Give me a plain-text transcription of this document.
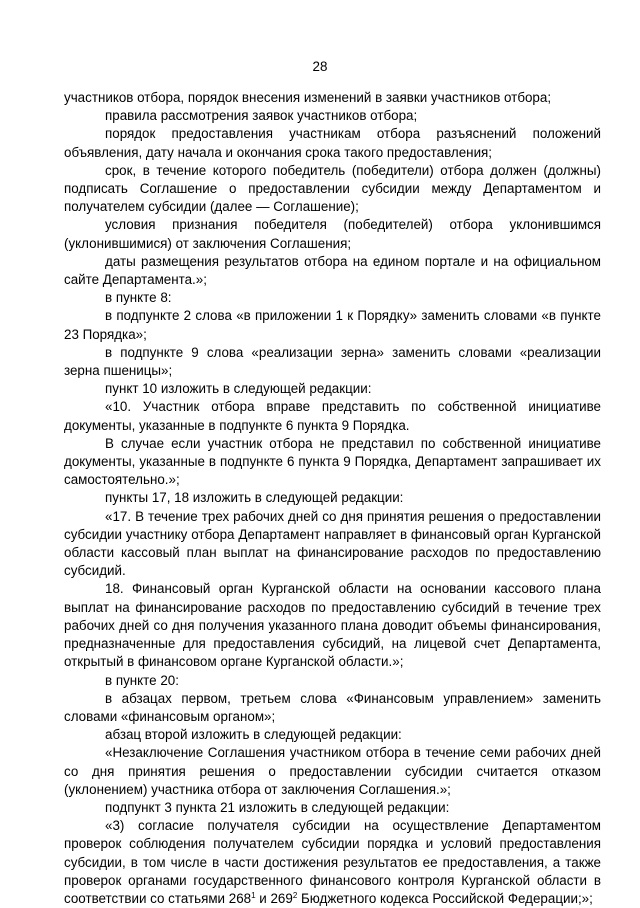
28

участников отбора, порядок внесения изменений в заявки участников отбора;

правила рассмотрения заявок участников отбора;

порядок предоставления участникам отбора разъяснений положений объявления, дату начала и окончания срока такого предоставления;

срок, в течение которого победитель (победители) отбора должен (должны) подписать Соглашение о предоставлении субсидии между Департаментом и получателем субсидии (далее — Соглашение);

условия признания победителя (победителей) отбора уклонившимся (уклонившимися) от заключения Соглашения;

даты размещения результатов отбора на едином портале и на официальном сайте Департамента.»;

в пункте 8:

в подпункте 2 слова «в приложении 1 к Порядку» заменить словами «в пункте 23 Порядка»;

в подпункте 9 слова «реализации зерна» заменить словами «реализации зерна пшеницы»;

пункт 10 изложить в следующей редакции:

«10. Участник отбора вправе представить по собственной инициативе документы, указанные в подпункте 6 пункта 9 Порядка.

В случае если участник отбора не представил по собственной инициативе документы, указанные в подпункте 6 пункта 9 Порядка, Департамент запрашивает их самостоятельно.»;

пункты 17, 18 изложить в следующей редакции:

«17. В течение трех рабочих дней со дня принятия решения о предоставлении субсидии участнику отбора Департамент направляет в финансовый орган Курганской области кассовый план выплат на финансирование расходов по предоставлению субсидий.

18. Финансовый орган Курганской области на основании кассового плана выплат на финансирование расходов по предоставлению субсидий в течение трех рабочих дней со дня получения указанного плана доводит объемы финансирования, предназначенные для предоставления субсидий, на лицевой счет Департамента, открытый в финансовом органе Курганской области.»;

в пункте 20:

в абзацах первом, третьем слова «Финансовым управлением» заменить словами «финансовым органом»;

абзац второй изложить в следующей редакции:

«Незаключение Соглашения участником отбора в течение семи рабочих дней со дня принятия решения о предоставлении субсидии считается отказом (уклонением) участника отбора от заключения Соглашения.»;

подпункт 3 пункта 21 изложить в следующей редакции:

«3) согласие получателя субсидии на осуществление Департаментом проверок соблюдения получателем субсидии порядка и условий предоставления субсидии, в том числе в части достижения результатов ее предоставления, а также проверок органами государственного финансового контроля Курганской области в соответствии со статьями $268^1$ и $269^2$ Бюджетного кодекса Российской Федерации;»;
